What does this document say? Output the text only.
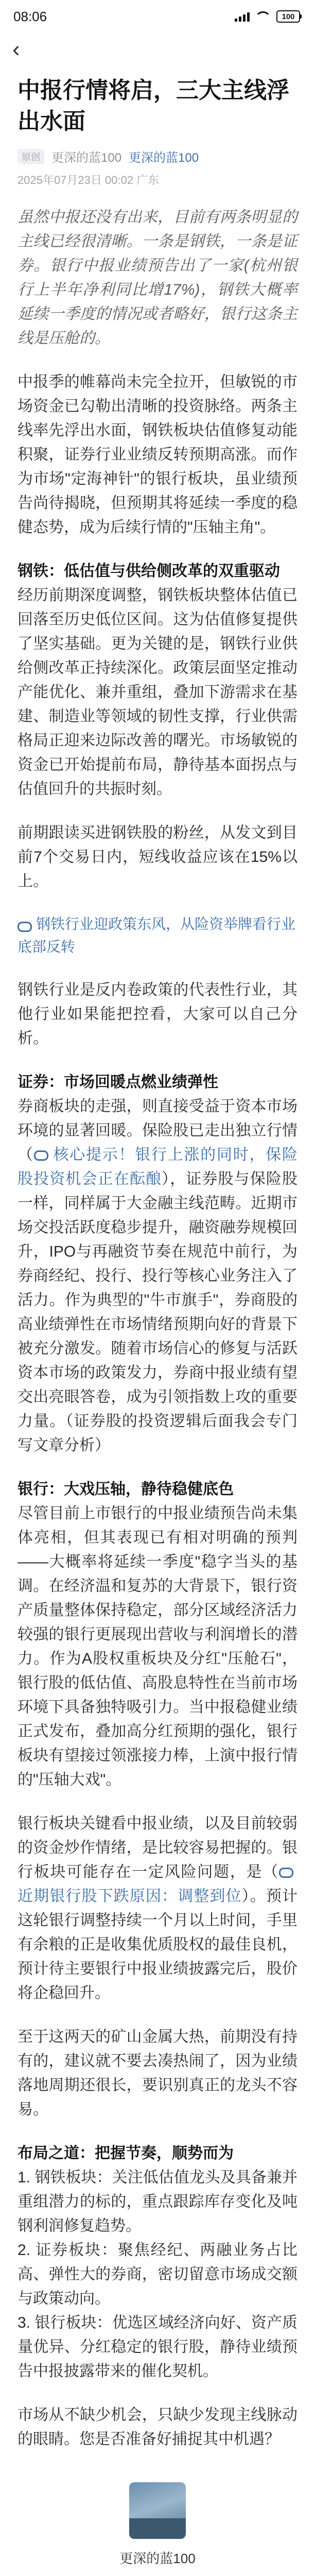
08:06	100
‹
中报行情将启，三大主线浮出水面
原创 更深的蓝100 更深的蓝100
2025年07月23日 00:02 广东

虽然中报还没有出来，目前有两条明显的主线已经很清晰。一条是钢铁，一条是证券。银行中报业绩预告出了一家(杭州银行上半年净利同比增17%)，钢铁大概率延续一季度的情况或者略好，银行这条主线是压舱的。

中报季的帷幕尚未完全拉开，但敏锐的市场资金已勾勒出清晰的投资脉络。两条主线率先浮出水面，钢铁板块估值修复动能积聚，证券行业业绩反转预期高涨。而作为市场"定海神针"的银行板块，虽业绩预告尚待揭晓，但预期其将延续一季度的稳健态势，成为后续行情的"压轴主角"。

钢铁：低估值与供给侧改革的双重驱动

经历前期深度调整，钢铁板块整体估值已回落至历史低位区间。这为估值修复提供了坚实基础。更为关键的是，钢铁行业供给侧改革正持续深化。政策层面坚定推动产能优化、兼并重组，叠加下游需求在基建、制造业等领域的韧性支撑，行业供需格局正迎来边际改善的曙光。市场敏锐的资金已开始提前布局，静待基本面拐点与估值回升的共振时刻。

前期跟读买进钢铁股的粉丝，从发文到目前7个交易日内，短线收益应该在15%以上。

钢铁行业迎政策东风，从险资举牌看行业底部反转

钢铁行业是反内卷政策的代表性行业，其他行业如果能把控看，大家可以自己分析。

证券：市场回暖点燃业绩弹性

券商板块的走强，则直接受益于资本市场环境的显著回暖。保险股已走出独立行情（ 核心提示！银行上涨的同时，保险股投资机会正在酝酿），证券股与保险股一样，同样属于大金融主线范畴。近期市场交投活跃度稳步提升，融资融券规模回升，IPO与再融资节奏在规范中前行，为券商经纪、投行、投行等核心业务注入了活力。作为典型的"牛市旗手"，券商股的高业绩弹性在市场情绪预期向好的背景下被充分激发。随着市场信心的修复与活跃资本市场的政策发力，券商中报业绩有望交出亮眼答卷，成为引领指数上攻的重要力量。（证券股的投资逻辑后面我会专门写文章分析）

银行：大戏压轴，静待稳健底色

尽管目前上市银行的中报业绩预告尚未集体亮相，但其表现已有相对明确的预判——大概率将延续一季度"稳字当头的基调。在经济温和复苏的大背景下，银行资产质量整体保持稳定，部分区域经济活力较强的银行更展现出营收与利润增长的潜力。作为A股权重板块及分红"压舱石"，银行股的低估值、高股息特性在当前市场环境下具备独特吸引力。当中报稳健业绩正式发布，叠加高分红预期的强化，银行板块有望接过领涨接力棒，上演中报行情的"压轴大戏"。

银行板块关键看中报业绩，以及目前较弱的资金炒作情绪，是比较容易把握的。银行板块可能存在一定风险问题，是（近期银行股下跌原因：调整到位）。预计这轮银行调整持续一个月以上时间，手里有余粮的正是收集优质股权的最佳良机，预计待主要银行中报业绩披露完后，股价将企稳回升。

至于这两天的矿山金属大热，前期没有持有的，建议就不要去凑热闹了，因为业绩落地周期还很长，要识别真正的龙头不容易。

布局之道：把握节奏，顺势而为

1. 钢铁板块：关注低估值龙头及具备兼并重组潜力的标的，重点跟踪库存变化及吨钢利润修复趋势。

2. 证券板块：聚焦经纪、两融业务占比高、弹性大的券商，密切留意市场成交额与政策动向。

3. 银行板块：优选区域经济向好、资产质量优异、分红稳定的银行股，静待业绩预告中报披露带来的催化契机。

市场从不缺少机会，只缺少发现主线脉动的眼睛。您是否准备好捕捉其中机遇？

更深的蓝100
